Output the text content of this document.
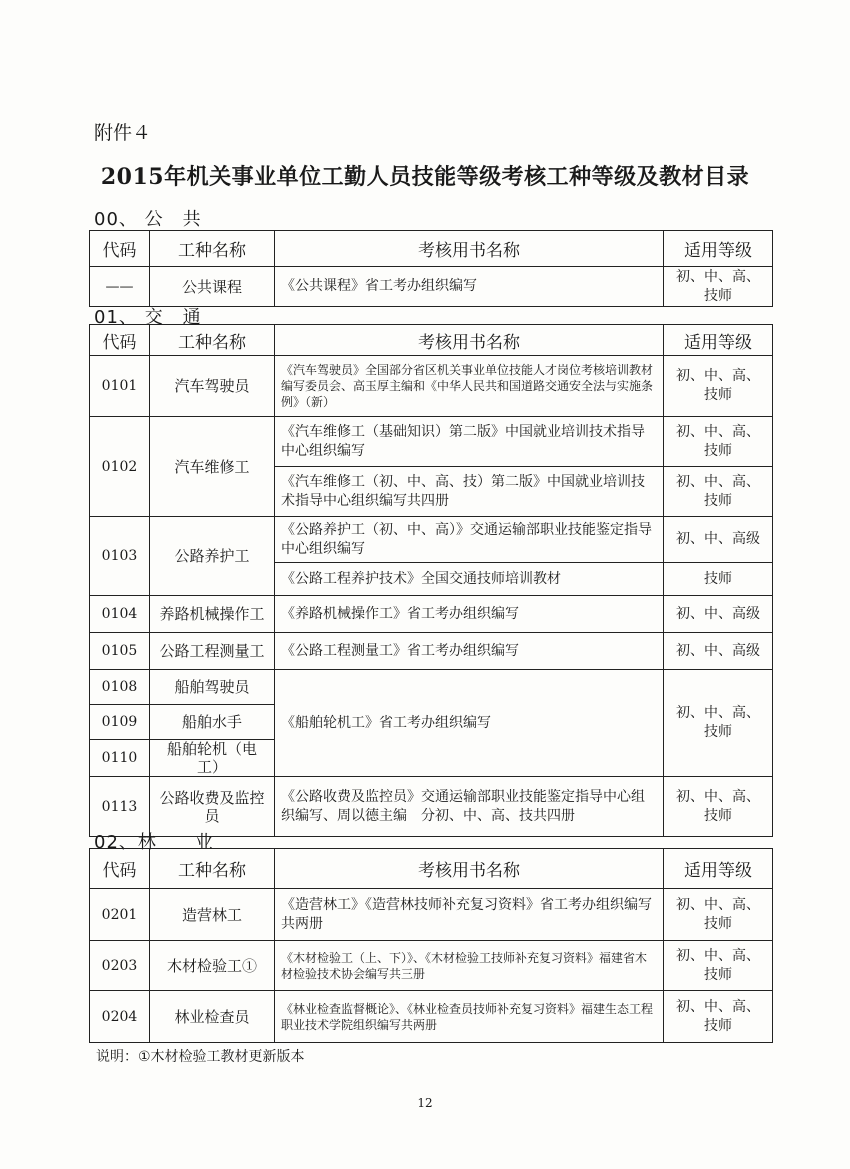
附件４
2015年机关事业单位工勤人员技能等级考核工种等级及教材目录
00、 公　共
代码	工种名称	考核用书名称	适用等级
——	公共课程	《公共课程》省工考办组织编写	初、中、高、技师
01、 交　通
代码	工种名称	考核用书名称	适用等级
0101	汽车驾驶员	《汽车驾驶员》全国部分省区机关事业单位技能人才岗位考核培训教材编写委员会、高玉厚主编和《中华人民共和国道路交通安全法与实施条例》（新）	初、中、高、技师
0102	汽车维修工	《汽车维修工（基础知识）第二版》中国就业培训技术指导中心组织编写	初、中、高、技师
		《汽车维修工（初、中、高、技）第二版》中国就业培训技术指导中心组织编写共四册	初、中、高、技师
0103	公路养护工	《公路养护工（初、中、高）》交通运输部职业技能鉴定指导中心组织编写	初、中、高级
		《公路工程养护技术》全国交通技师培训教材	技师
0104	养路机械操作工	《养路机械操作工》省工考办组织编写	初、中、高级
0105	公路工程测量工	《公路工程测量工》省工考办组织编写	初、中、高级
0108	船舶驾驶员	《船舶轮机工》省工考办组织编写	初、中、高、技师
0109	船舶水手		
0110	船舶轮机（电工）		
0113	公路收费及监控员	《公路收费及监控员》交通运输部职业技能鉴定指导中心组织编写、周以德主编　分初、中、高、技共四册	初、中、高、技师
02、林　　业
代码	工种名称	考核用书名称	适用等级
0201	造营林工	《造营林工》《造营林技师补充复习资料》省工考办组织编写共两册	初、中、高、技师
0203	木材检验工①	《木材检验工（上、下）》、《木材检验工技师补充复习资料》福建省木材检验技术协会编写共三册	初、中、高、技师
0204	林业检查员	《林业检查监督概论》、《林业检查员技师补充复习资料》福建生态工程职业技术学院组织编写共两册	初、中、高、技师
说明：①木材检验工教材更新版本
12
